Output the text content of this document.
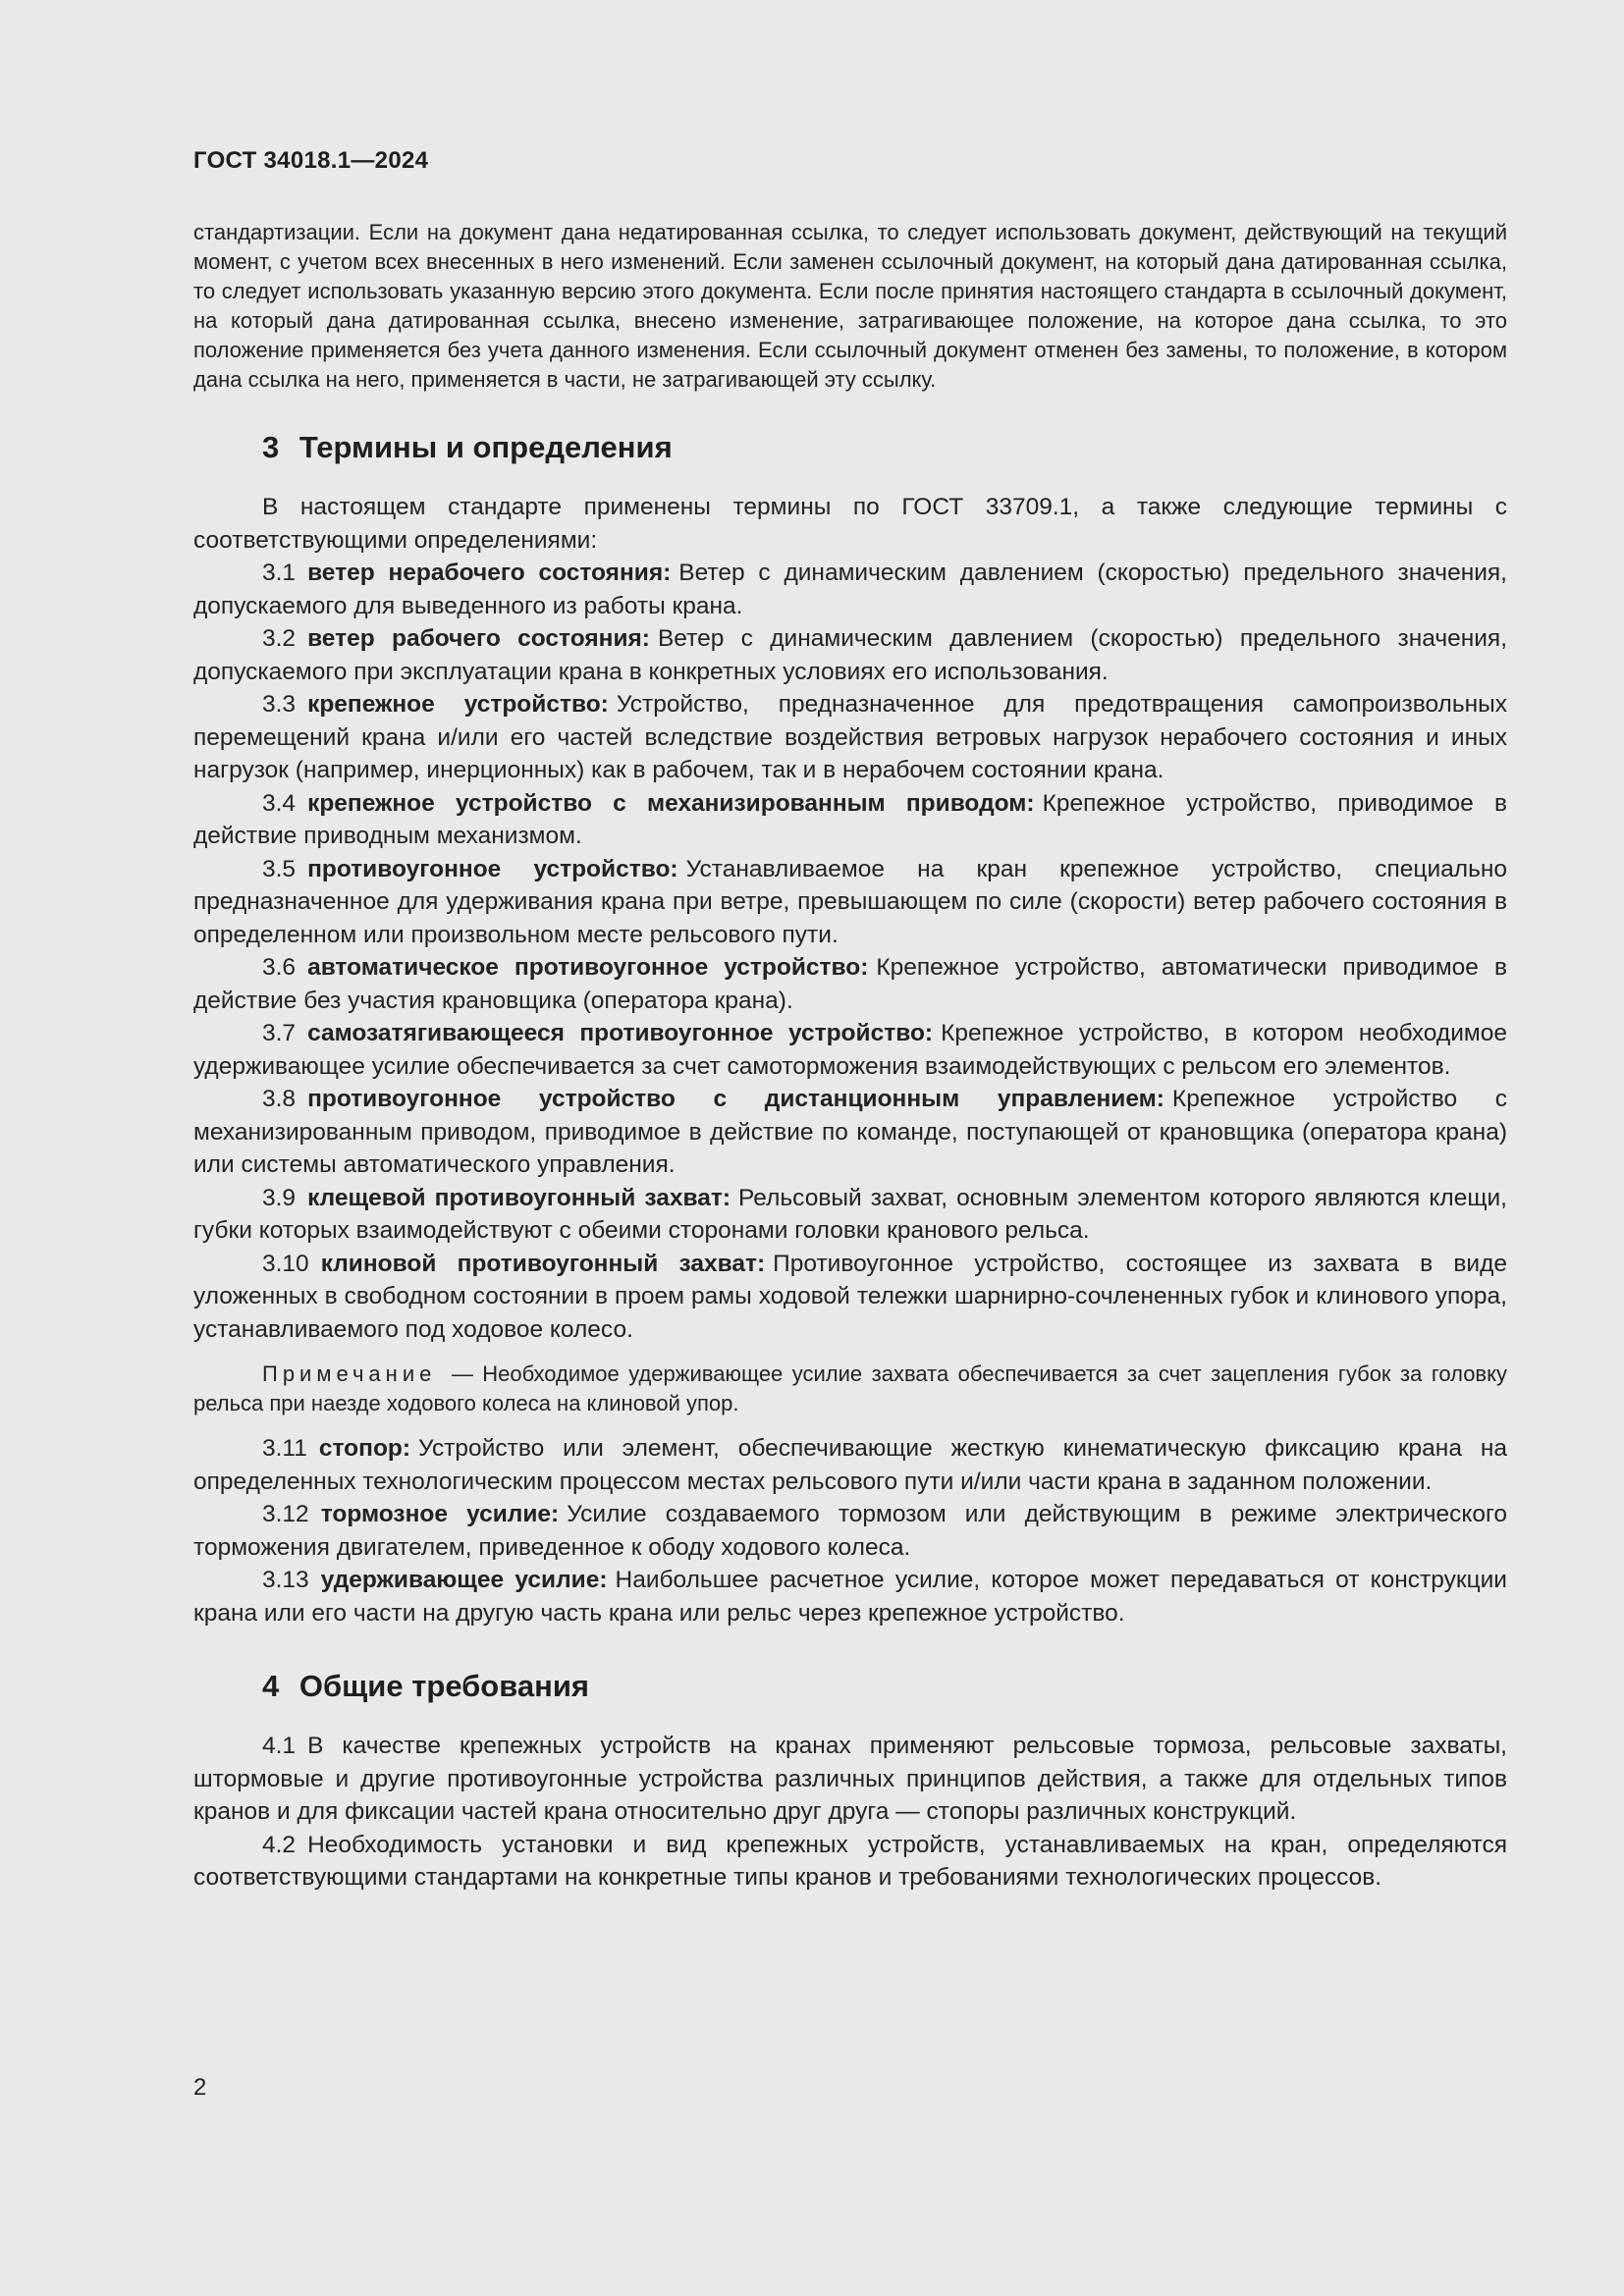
ГОСТ 34018.1—2024

стандартизации. Если на документ дана недатированная ссылка, то следует использовать документ, действующий на текущий момент, с учетом всех внесенных в него изменений. Если заменен ссылочный документ, на который дана датированная ссылка, то следует использовать указанную версию этого документа. Если после принятия настоящего стандарта в ссылочный документ, на который дана датированная ссылка, внесено изменение, затрагивающее положение, на которое дана ссылка, то это положение применяется без учета данного изменения. Если ссылочный документ отменен без замены, то положение, в котором дана ссылка на него, применяется в части, не затрагивающей эту ссылку.

3 Термины и определения

В настоящем стандарте применены термины по ГОСТ 33709.1, а также следующие термины с соответствующими определениями:

3.1 ветер нерабочего состояния: Ветер с динамическим давлением (скоростью) предельного значения, допускаемого для выведенного из работы крана.

3.2 ветер рабочего состояния: Ветер с динамическим давлением (скоростью) предельного значения, допускаемого при эксплуатации крана в конкретных условиях его использования.

3.3 крепежное устройство: Устройство, предназначенное для предотвращения самопроизвольных перемещений крана и/или его частей вследствие воздействия ветровых нагрузок нерабочего состояния и иных нагрузок (например, инерционных) как в рабочем, так и в нерабочем состоянии крана.

3.4 крепежное устройство с механизированным приводом: Крепежное устройство, приводимое в действие приводным механизмом.

3.5 противоугонное устройство: Устанавливаемое на кран крепежное устройство, специально предназначенное для удерживания крана при ветре, превышающем по силе (скорости) ветер рабочего состояния в определенном или произвольном месте рельсового пути.

3.6 автоматическое противоугонное устройство: Крепежное устройство, автоматически приводимое в действие без участия крановщика (оператора крана).

3.7 самозатягивающееся противоугонное устройство: Крепежное устройство, в котором необходимое удерживающее усилие обеспечивается за счет самоторможения взаимодействующих с рельсом его элементов.

3.8 противоугонное устройство с дистанционным управлением: Крепежное устройство с механизированным приводом, приводимое в действие по команде, поступающей от крановщика (оператора крана) или системы автоматического управления.

3.9 клещевой противоугонный захват: Рельсовый захват, основным элементом которого являются клещи, губки которых взаимодействуют с обеими сторонами головки кранового рельса.

3.10 клиновой противоугонный захват: Противоугонное устройство, состоящее из захвата в виде уложенных в свободном состоянии в проем рамы ходовой тележки шарнирно-сочлененных губок и клинового упора, устанавливаемого под ходовое колесо.

Примечание — Необходимое удерживающее усилие захвата обеспечивается за счет зацепления губок за головку рельса при наезде ходового колеса на клиновой упор.

3.11 стопор: Устройство или элемент, обеспечивающие жесткую кинематическую фиксацию крана на определенных технологическим процессом местах рельсового пути и/или части крана в заданном положении.

3.12 тормозное усилие: Усилие создаваемого тормозом или действующим в режиме электрического торможения двигателем, приведенное к ободу ходового колеса.

3.13 удерживающее усилие: Наибольшее расчетное усилие, которое может передаваться от конструкции крана или его части на другую часть крана или рельс через крепежное устройство.

4 Общие требования

4.1 В качестве крепежных устройств на кранах применяют рельсовые тормоза, рельсовые захваты, штормовые и другие противоугонные устройства различных принципов действия, а также для отдельных типов кранов и для фиксации частей крана относительно друг друга — стопоры различных конструкций.

4.2 Необходимость установки и вид крепежных устройств, устанавливаемых на кран, определяются соответствующими стандартами на конкретные типы кранов и требованиями технологических процессов.

2
